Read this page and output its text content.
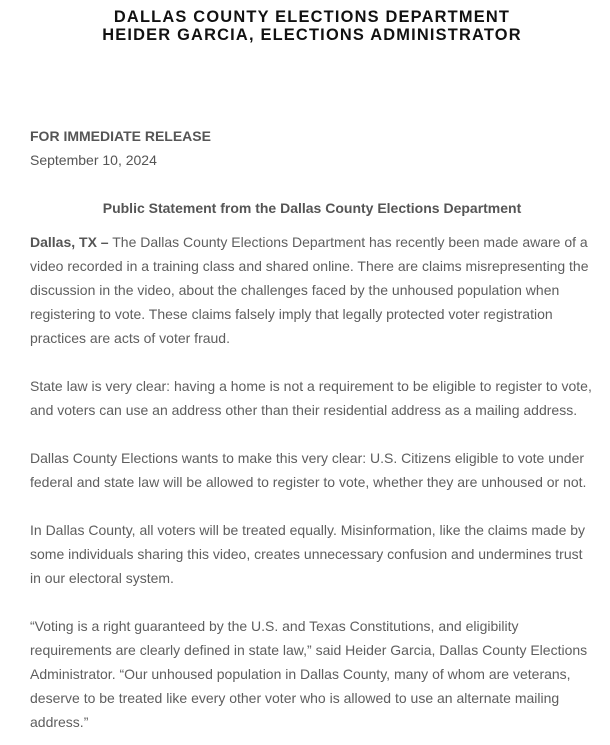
DALLAS COUNTY ELECTIONS DEPARTMENT
HEIDER GARCIA, ELECTIONS ADMINISTRATOR
FOR IMMEDIATE RELEASE
September 10, 2024
Public Statement from the Dallas County Elections Department

Dallas, TX – The Dallas County Elections Department has recently been made aware of a video recorded in a training class and shared online. There are claims misrepresenting the discussion in the video, about the challenges faced by the unhoused population when registering to vote. These claims falsely imply that legally protected voter registration practices are acts of voter fraud.

State law is very clear: having a home is not a requirement to be eligible to register to vote, and voters can use an address other than their residential address as a mailing address.

Dallas County Elections wants to make this very clear: U.S. Citizens eligible to vote under federal and state law will be allowed to register to vote, whether they are unhoused or not.

In Dallas County, all voters will be treated equally. Misinformation, like the claims made by some individuals sharing this video, creates unnecessary confusion and undermines trust in our electoral system.

“Voting is a right guaranteed by the U.S. and Texas Constitutions, and eligibility requirements are clearly defined in state law,” said Heider Garcia, Dallas County Elections Administrator. “Our unhoused population in Dallas County, many of whom are veterans, deserve to be treated like every other voter who is allowed to use an alternate mailing address.”
